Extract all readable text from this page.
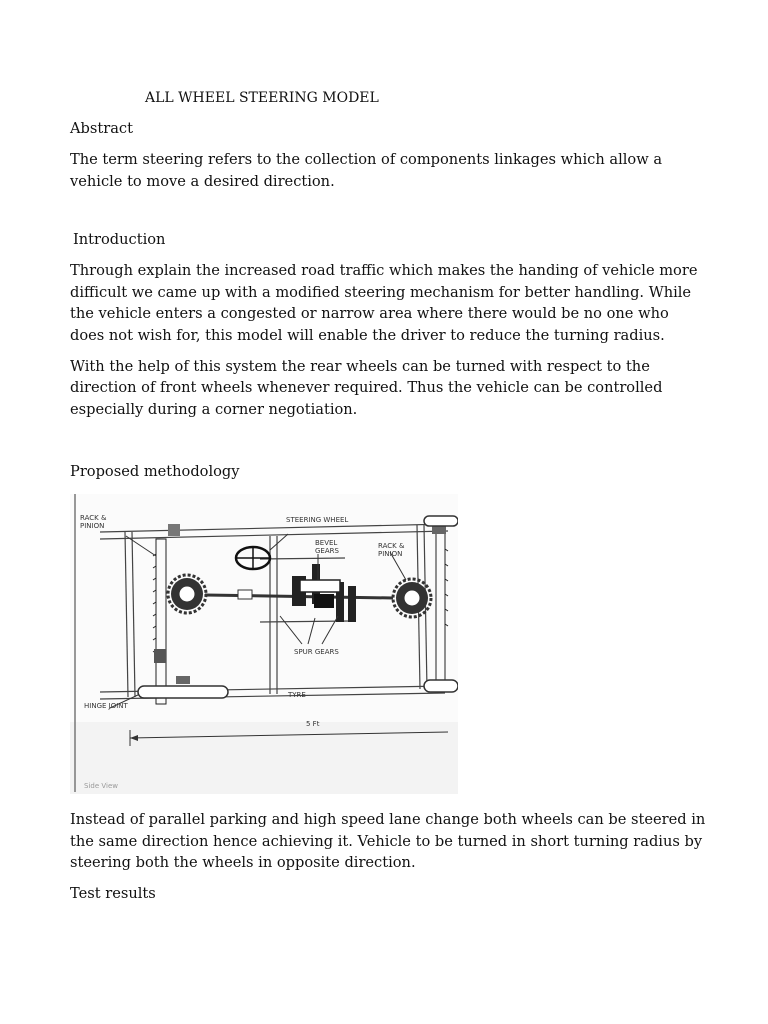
ALL WHEEL STEERING MODEL

Abstract

The term steering refers to the collection of components linkages which allow a

vehicle to move a desired direction.

Introduction

Through explain the increased road traffic which makes the handing of vehicle more

difficult we came up with a modified steering mechanism for better handling. While

the vehicle enters a congested or narrow area where there would be no one who

does not wish for, this model will enable the driver to reduce the turning radius.

With the help of this system the rear wheels can be turned with respect to the

direction of front wheels whenever required. Thus the vehicle can be controlled

especially during a corner negotiation.

Proposed methodology

RACK &
PINION
STEERING WHEEL
BEVEL
GEARS
RACK &
PINION
SPUR GEARS
TYRE
HINGE JOINT
5 Ft
Side View

Instead of parallel parking and high speed lane change both wheels can be steered in

the same direction hence achieving it. Vehicle to be turned in short turning radius by

steering both the wheels in opposite direction.

Test results
